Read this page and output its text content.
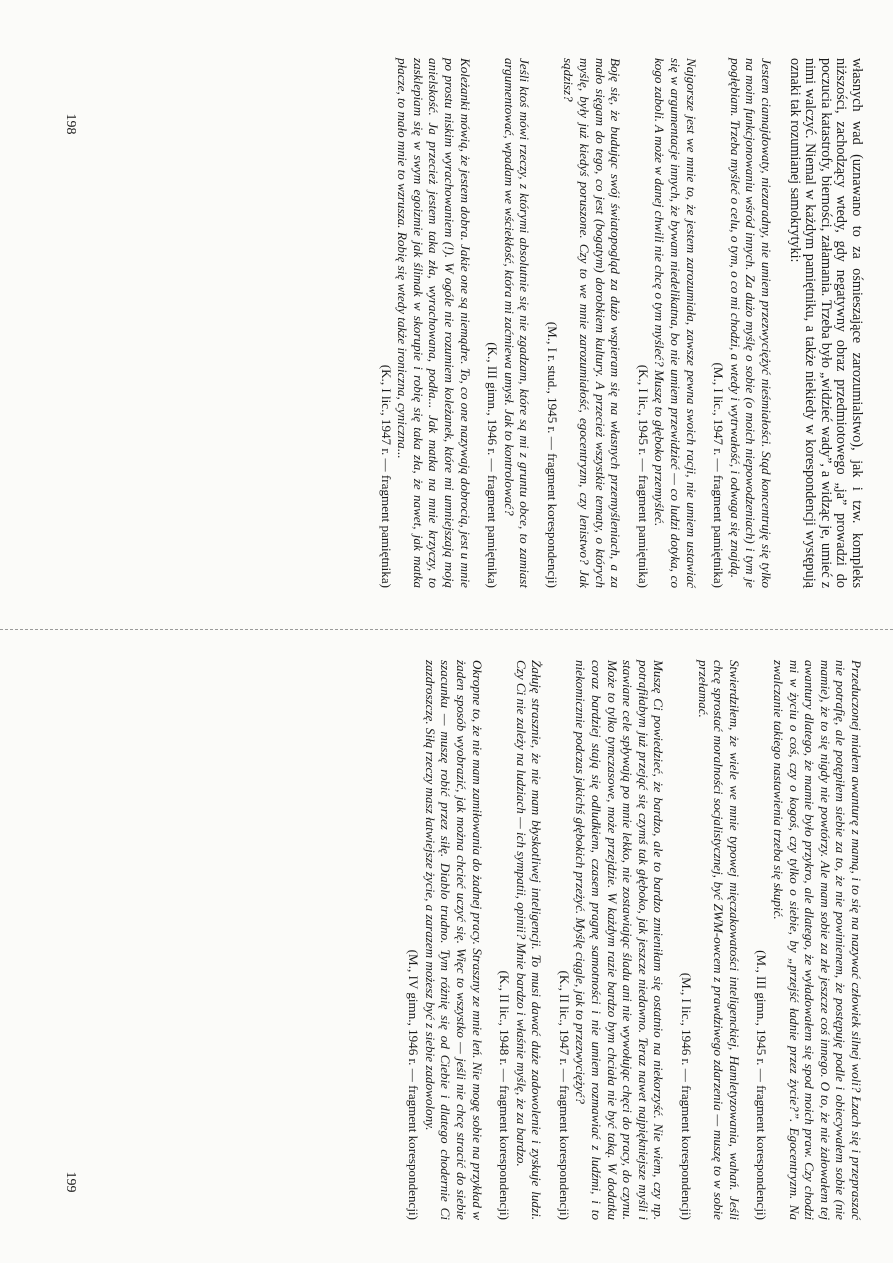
198	własnych wad (uznawano to za ośmieszające zarozumialstwo), jak i tzw. kompleks niższości, zachodzący wtedy, gdy negatywny obraz przedmiotowego „ja” prowadzi do poczucia katastrofy, bierności, załamania. Trzeba było „widzieć wady”, a widząc je, umieć z nimi walczyć. Niemal w każdym pamiętniku, a także niekiedy w korespondencji występują oznaki tak rozumianej samokrytyki:

Jestem ciamajdowaty, niezaradny, nie umiem przezwyciężyć nieśmiałości. Stąd koncentruję się tylko na moim funkcjonowaniu wśród innych. Za dużo myślę o sobie (o moich niepowodzeniach) i tym je pogłębiam. Trzeba myśleć o celu, o tym, o co mi chodzi, a wtedy i wytrwałość, i odwaga się znajdą.

(M., I lic., 1947 r. — fragment pamiętnika)

Najgorsze jest we mnie to, że jestem zarozumiała, zawsze pewna swoich racji, nie umiem ustawiać się w argumentacje innych, że bywam niedelikatna, bo nie umiem przewidzieć — co ludzi dotyka, co kogo zaboli. A może w danej chwili nie chcę o tym myśleć? Muszę to głęboko przemyśleć.

(K., I lic., 1945 r. — fragment pamiętnika)

Boję się, że budując swój światopogląd za dużo wspieram się na własnych przemyśleniach, a za mało sięgam do tego, co jest (bogatym) dorobkiem kultury. A przecież wszystkie tematy, o których myślę, były już kiedyś poruszone. Czy to we mnie zarozumiałość, egocentryzm, czy lenistwo? Jak sądzisz?

(M., I r. stud., 1945 r. — fragment korespondencji)

Jeśli ktoś mówi rzeczy, z którymi absolutnie się nie zgadzam, które są mi z gruntu obce, to zamiast argumentować, wpadam we wściekłość, która mi zaćmiewa umysł. Jak to kontrolować?

(K., III gimn., 1946 r. — fragment pamiętnika)

Koleżanki mówią, że jestem dobra. Jakie one są niemądre. To, co one nazywają dobrocią, jest u mnie po prostu niskim wyrachowaniem (!). W ogóle nie rozumiem koleżanek, które mi umniejszają moją anielskość. Ja przecież jestem taka zła, wyrachowana, podła... Jak matka na mnie krzyczy, to zasklepiam się w swym egoizmie jak ślimak w skorupie i robię się taka zła, że nawet, jak matka płacze, to mało mnie to wzrusza. Robię się wtedy także ironiczna, cyniczna...

(K., I lic., 1947 r. — fragment pamiętnika)

Przeduczonej miałem awanturę z mamą, i to się na nazywać człowiek silnej woli? Łzach się i przepraszać nie potrafię, ale potępiłem siebie za to, że nie powinienem, że postępuję podle i obiecywałem sobie (nie mamie), że to się nigdy nie powtórzy. Ale mam sobie za złe jeszcze coś innego. O to, że nie żałowałem tej awantury dlatego, że mamie było przykro, ale dlatego, że wyładowałem się spod moich praw. Czy chodzi mi w życiu o coś, czy o kogoś, czy tylko o siebie, by „przejść ładnie przez życie?”. Egocentryzm. Na zwalczanie takiego nastawienia trzeba się skupić.

(M., III gimn., 1945 r. — fragment korespondencji)

Stwierdziłem, że wiele we mnie typowej mięczakowatości inteligenckiej, Hamletyzowania, wahań. Jeśli chcę sprostać moralności socjalistycznej, być ZWM-owcem z prawdziwego zdarzenia — muszę to w sobie przełamać.

(M., I lic., 1946 r. — fragment korespondencji)

Muszę Ci powiedzieć, że bardzo, ale to bardzo zmieniłam się ostatnio na niekorzyść. Nie wiem, czy np. potrafiłabym już przejąć się czymś tak głęboko, jak jeszcze niedawno. Teraz nawet najpiękniejsze myśli i stawiane cele spływają po mnie lekko, nie zostawiając śladu ani nie wywołując chęci do pracy, do czynu. Może to tylko tymczasowe, może przejdzie. W każdym razie bardzo bym chciała nie być taką. W dodatku coraz bardziej stają się odludkiem, czasem pragnę samotności i nie umiem rozmawiać z ludźmi, i to niekomicznie podczas jakichś głębokich przeżyć. Myślę ciągle, jak to przezwyciężyć?

(K., II lic., 1947 r. — fragment korespondencji)

Żałuję strasznie, że nie mam błyskotliwej inteligencji. To musi dawać duże zadowolenie i zyskuje ludzi. Czy Ci nie zależy na ludziach — ich sympatii, opinii? Mnie bardzo i właśnie myślę, że za bardzo.

(K., II lic., 1948 r. — fragment korespondencji)

Okropne to, że nie mam zamiłowania do żadnej pracy. Straszny ze mnie leń. Nie mogę sobie na przykład w żaden sposób wyobrazić, jak można chcieć uczyć się. Więc to wszystko — jeśli nie chcę stracić do siebie szacunku — muszę robić przez siłę. Diablo trudno. Tym różnię się od Ciebie i dlatego chodernie Ci zazdroszczę. Siłą rzeczy masz łatwiejsze życie, a zarazem możesz być z siebie zadowolony.

(M., IV gimn., 1946 r. — fragment korespondencji)

199
